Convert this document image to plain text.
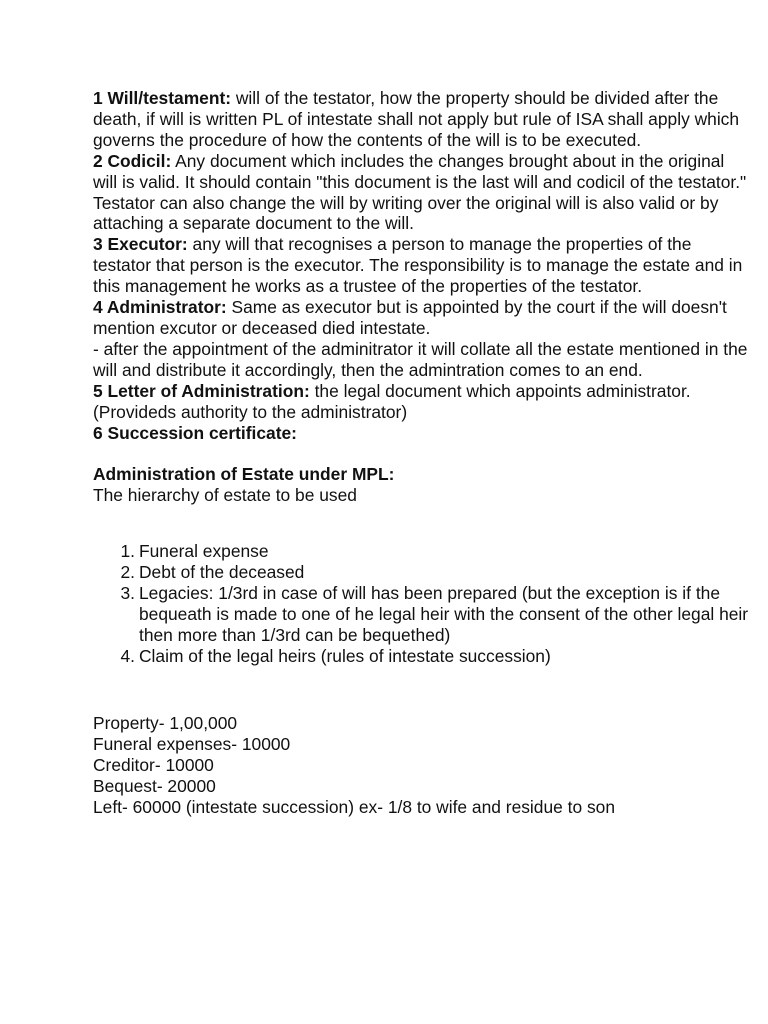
1 Will/testament: will of the testator, how the property should be divided after the death, if will is written PL of intestate shall not apply but rule of ISA shall apply which governs the procedure of how the contents of the will is to be executed.

2 Codicil: Any document which includes the changes brought about in the original will is valid. It should contain "this document is the last will and codicil of the testator." Testator can also change the will by writing over the original will is also valid or by attaching a separate document to the will.

3 Executor: any will that recognises a person to manage the properties of the testator that person is the executor. The responsibility is to manage the estate and in this management he works as a trustee of the properties of the testator.

4 Administrator: Same as executor but is appointed by the court if the will doesn't mention excutor or deceased died intestate.

- after the appointment of the adminitrator it will collate all the estate mentioned in the will and distribute it accordingly, then the admintration comes to an end.

5 Letter of Administration: the legal document which appoints administrator. (Provideds authority to the administrator)

6 Succession certificate:

Administration of Estate under MPL:

The hierarchy of estate to be used

1. Funeral expense
2. Debt of the deceased
3. Legacies: 1/3rd in case of will has been prepared (but the exception is if the bequeath is made to one of he legal heir with the consent of the other legal heir then more than 1/3rd can be bequethed)
4. Claim of the legal heirs (rules of intestate succession)

Property- 1,00,000

Funeral expenses- 10000

Creditor- 10000

Bequest- 20000

Left- 60000 (intestate succession) ex- 1/8 to wife and residue to son
